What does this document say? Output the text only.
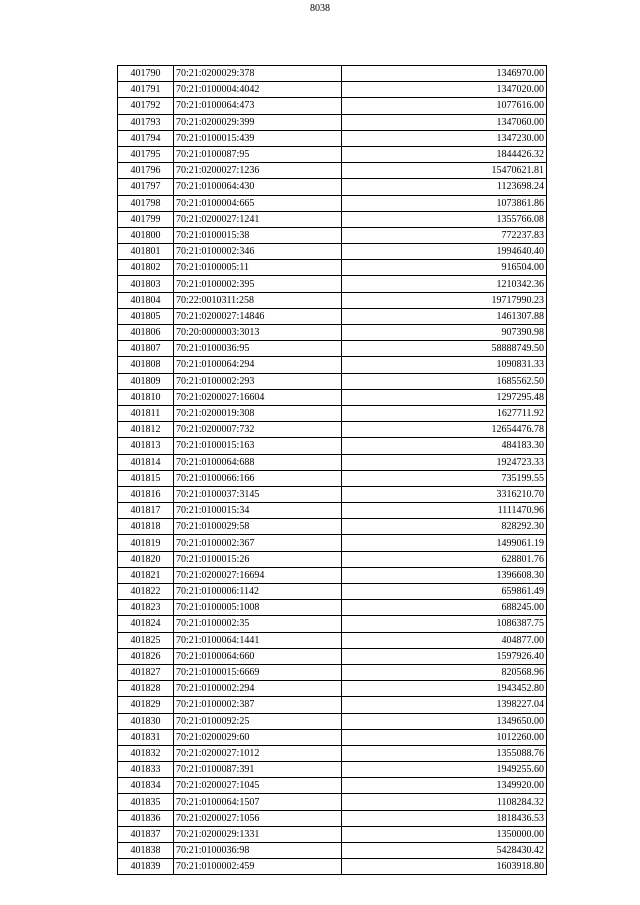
8038
401790	70:21:0200029:378	1346970.00
401791	70:21:0100004:4042	1347020.00
401792	70:21:0100064:473	1077616.00
401793	70:21:0200029:399	1347060.00
401794	70:21:0100015:439	1347230.00
401795	70:21:0100087:95	1844426.32
401796	70:21:0200027:1236	15470621.81
401797	70:21:0100064:430	1123698.24
401798	70:21:0100004:665	1073861.86
401799	70:21:0200027:1241	1355766.08
401800	70:21:0100015:38	772237.83
401801	70:21:0100002:346	1994640.40
401802	70:21:0100005:11	916504.00
401803	70:21:0100002:395	1210342.36
401804	70:22:0010311:258	19717990.23
401805	70:21:0200027:14846	1461307.88
401806	70:20:0000003:3013	907390.98
401807	70:21:0100036:95	58888749.50
401808	70:21:0100064:294	1090831.33
401809	70:21:0100002:293	1685562.50
401810	70:21:0200027:16604	1297295.48
401811	70:21:0200019:308	1627711.92
401812	70:21:0200007:732	12654476.78
401813	70:21:0100015:163	484183.30
401814	70:21:0100064:688	1924723.33
401815	70:21:0100066:166	735199.55
401816	70:21:0100037:3145	3316210.70
401817	70:21:0100015:34	1111470.96
401818	70:21:0100029:58	828292.30
401819	70:21:0100002:367	1499061.19
401820	70:21:0100015:26	628801.76
401821	70:21:0200027:16694	1396608.30
401822	70:21:0100006:1142	659861.49
401823	70:21:0100005:1008	688245.00
401824	70:21:0100002:35	1086387.75
401825	70:21:0100064:1441	404877.00
401826	70:21:0100064:660	1597926.40
401827	70:21:0100015:6669	820568.96
401828	70:21:0100002:294	1943452.80
401829	70:21:0100002:387	1398227.04
401830	70:21:0100092:25	1349650.00
401831	70:21:0200029:60	1012260.00
401832	70:21:0200027:1012	1355088.76
401833	70:21:0100087:391	1949255.60
401834	70:21:0200027:1045	1349920.00
401835	70:21:0100064:1507	1108284.32
401836	70:21:0200027:1056	1818436.53
401837	70:21:0200029:1331	1350000.00
401838	70:21:0100036:98	5428430.42
401839	70:21:0100002:459	1603918.80
